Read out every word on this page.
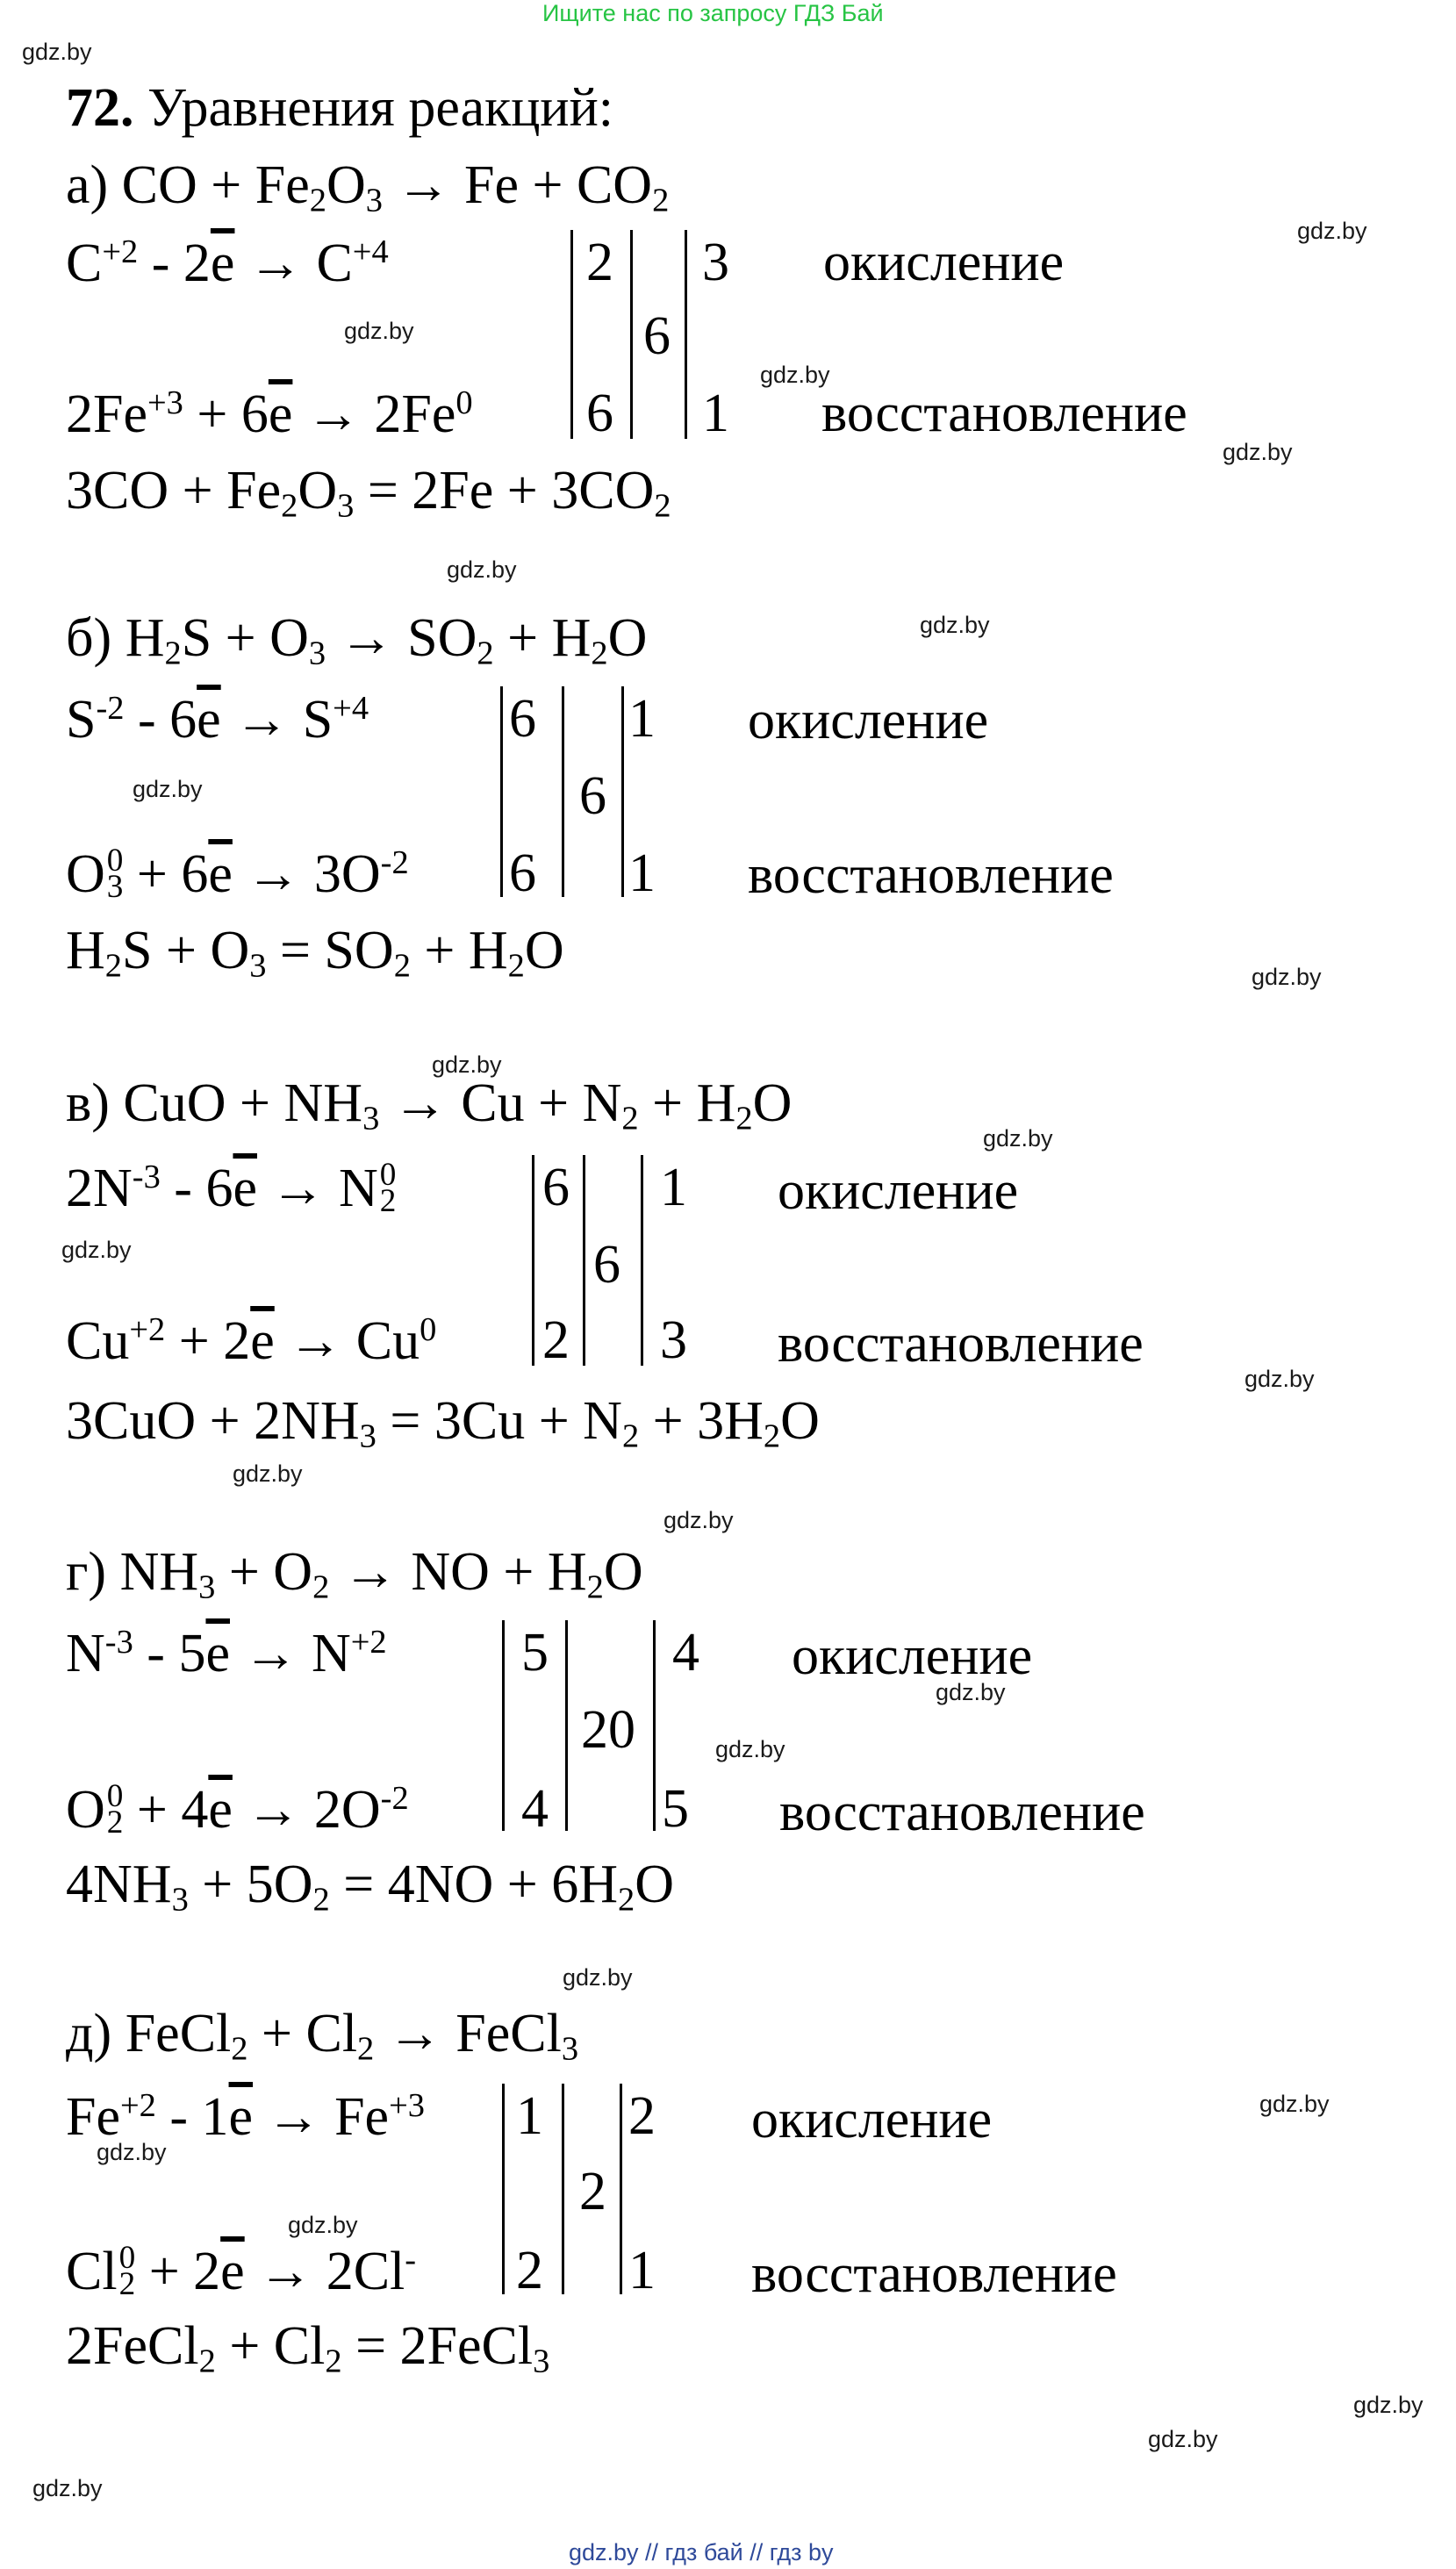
Ищите нас по запросу ГДЗ Бай
gdz.by // гдз бай // гдз by
gdz.by
gdz.by
gdz.by
gdz.by
gdz.by
gdz.by
gdz.by
gdz.by
gdz.by
gdz.by
gdz.by
gdz.by
gdz.by
gdz.by
gdz.by
gdz.by
gdz.by
gdz.by
gdz.by
gdz.by
gdz.by
gdz.by
gdz.by
gdz.by
72. Уравнения реакций:
а) CO + $Fe_2O_3 \to Fe + CO_2$
$C^{+2} - 2\overline{e} \to C^{+4}$
$2Fe^{+3} + 6\overline{e} \to 2Fe^0$
2
6
6
3
1
окисление
восстановление
$3CO + Fe_2O_3 = 2Fe + 3CO_2$
б) $H_2S + O_3 \to SO_2 + H_2O$
$S^{-2} - 6\overline{e} \to S^{+4}$
O 0
$3 + 6\overline{e} \to 3O^{-2}$
6
6
6
1
1
окисление
восстановление
$H_2S + O_3 = SO_2 + H_2O$
в) CuO + $NH_3 \to Cu + N_2 + H_2O$
$2N^{-3} - 6\overline{e} \to N$ 0
2
$Cu^{+2} + 2\overline{e} \to Cu^0$
6
2
6
1
3
окисление
восстановление
$3CuO + 2NH_3 = 3Cu + N_2 + 3H_2O$
г) $NH_3 + O_2$ → NO + $H_2O$
$N^{-3} - 5\overline{e} \to N^{+2}$
O 0
$2 + 4\overline{e} \to 2O^{-2}$
5
4
20
4
5
окисление
восстановление
$4NH_3 + 5O_2 = 4NO + 6H_2O$
д) FeCl$_2$ + $Cl_2$ → FeCl$_3$
$Fe^{+2} - 1\overline{e} \to Fe^{+3}$
Cl 0
$2 + 2\overline{e} \to 2Cl^-$
1
2
2
2
1
окисление
восстановление
2FeCl$_2$ + $Cl_2$ = 2FeCl$_3$
